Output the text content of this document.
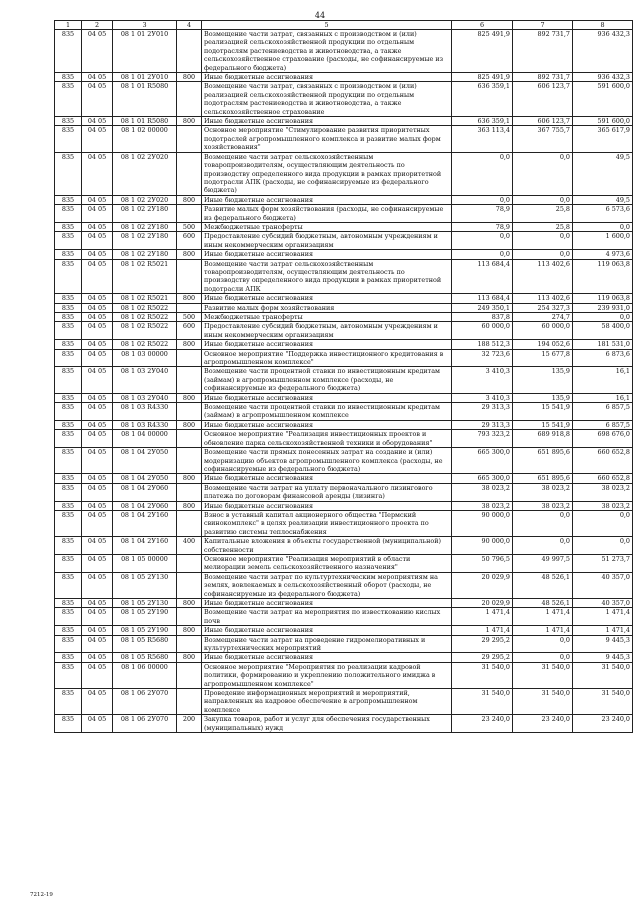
44
1	2	3	4	5	6	7	8
835	04 05	08 1 01 2У010		Возмещение части затрат, связанных с производством и (или) реализацией сельскохозяйственной продукции по отдельным подотраслям растениеводства и животноводства, а также сельскохозяйственное страхование (расходы, не софинансируемые из федерального бюджета)	825 491,9	892 731,7	936 432,3
835	04 05	08 1 01 2У010	800	Иные бюджетные ассигнования	825 491,9	892 731,7	936 432,3
835	04 05	08 1 01 R5080		Возмещение части затрат, связанных с производством и (или) реализацией сельскохозяйственной продукции по отдельным подотраслям растениеводства и животноводства, а также сельскохозяйственное страхование	636 359,1	606 123,7	591 600,0
835	04 05	08 1 01 R5080	800	Иные бюджетные ассигнования	636 359,1	606 123,7	591 600,0
835	04 05	08 1 02 00000		Основное мероприятие "Стимулирование развития приоритетных подотраслей агропромышленного комплекса и развитие малых форм хозяйствования"	363 113,4	367 755,7	365 617,9
835	04 05	08 1 02 2У020		Возмещение части затрат сельскохозяйственным товаропроизводителям, осуществляющим деятельность по производству определенного вида продукции в рамках приоритетной подотрасли АПК (расходы, не софинансируемые из федерального бюджета)	0,0	0,0	49,5
835	04 05	08 1 02 2У020	800	Иные бюджетные ассигнования	0,0	0,0	49,5
835	04 05	08 1 02 2У180		Развитие малых форм хозяйствования (расходы, не софинансируемые из федерального бюджета)	78,9	25,8	6 573,6
835	04 05	08 1 02 2У180	500	Межбюджетные трансферты	78,9	25,8	0,0
835	04 05	08 1 02 2У180	600	Предоставление субсидий бюджетным, автономным учреждениям и иным некоммерческим организациям	0,0	0,0	1 600,0
835	04 05	08 1 02 2У180	800	Иные бюджетные ассигнования	0,0	0,0	4 973,6
835	04 05	08 1 02 R5021		Возмещение части затрат сельскохозяйственным товаропроизводителям, осуществляющим деятельность по производству определенного вида продукции в рамках приоритетной подотрасли АПК	113 684,4	113 402,6	119 063,8
835	04 05	08 1 02 R5021	800	Иные бюджетные ассигнования	113 684,4	113 402,6	119 063,8
835	04 05	08 1 02 R5022		Развитие малых форм хозяйствования	249 350,1	254 327,3	239 931,0
835	04 05	08 1 02 R5022	500	Межбюджетные трансферты	837,8	274,7	0,0
835	04 05	08 1 02 R5022	600	Предоставление субсидий бюджетным, автономным учреждениям и иным некоммерческим организациям	60 000,0	60 000,0	58 400,0
835	04 05	08 1 02 R5022	800	Иные бюджетные ассигнования	188 512,3	194 052,6	181 531,0
835	04 05	08 1 03 00000		Основное мероприятие "Поддержка инвестиционного кредитования в агропромышленном комплексе"	32 723,6	15 677,8	6 873,6
835	04 05	08 1 03 2У040		Возмещение части процентной ставки по инвестиционным кредитам (займам) в агропромышленном комплексе (расходы, не софинансируемые из федерального бюджета)	3 410,3	135,9	16,1
835	04 05	08 1 03 2У040	800	Иные бюджетные ассигнования	3 410,3	135,9	16,1
835	04 05	08 1 03 R4330		Возмещение части процентной ставки по инвестиционным кредитам (займам) в агропромышленном комплексе	29 313,3	15 541,9	6 857,5
835	04 05	08 1 03 R4330	800	Иные бюджетные ассигнования	29 313,3	15 541,9	6 857,5
835	04 05	08 1 04 00000		Основное мероприятие "Реализация инвестиционных проектов и обновление парка сельскохозяйственной техники и оборудования"	793 323,2	689 918,8	698 676,0
835	04 05	08 1 04 2У050		Возмещение части прямых понесенных затрат на создание и (или) модернизацию объектов агропромышленного комплекса (расходы, не софинансируемые из федерального бюджета)	665 300,0	651 895,6	660 652,8
835	04 05	08 1 04 2У050	800	Иные бюджетные ассигнования	665 300,0	651 895,6	660 652,8
835	04 05	08 1 04 2У060		Возмещение части затрат на уплату первоначального лизингового платежа по договорам финансовой аренды (лизинга)	38 023,2	38 023,2	38 023,2
835	04 05	08 1 04 2У060	800	Иные бюджетные ассигнования	38 023,2	38 023,2	38 023,2
835	04 05	08 1 04 2У160		Взнос в уставный капитал акционерного общества "Пермский свинокомплекс" в целях реализации инвестиционного проекта по развитию системы теплоснабжения	90 000,0	0,0	0,0
835	04 05	08 1 04 2У160	400	Капитальные вложения в объекты государственной (муниципальной) собственности	90 000,0	0,0	0,0
835	04 05	08 1 05 00000		Основное мероприятие "Реализация мероприятий в области мелиорации земель сельскохозяйственного назначения"	50 796,5	49 997,5	51 273,7
835	04 05	08 1 05 2У130		Возмещение части затрат по культуртехническим мероприятиям на землях, вовлекаемых в сельскохозяйственный оборот (расходы, не софинансируемые из федерального бюджета)	20 029,9	48 526,1	40 357,0
835	04 05	08 1 05 2У130	800	Иные бюджетные ассигнования	20 029,9	48 526,1	40 357,0
835	04 05	08 1 05 2У190		Возмещение части затрат на мероприятия по известкованию кислых почв	1 471,4	1 471,4	1 471,4
835	04 05	08 1 05 2У190	800	Иные бюджетные ассигнования	1 471,4	1 471,4	1 471,4
835	04 05	08 1 05 R5680		Возмещение части затрат на проведение гидромелиоративных и культуртехнических мероприятий	29 295,2	0,0	9 445,3
835	04 05	08 1 05 R5680	800	Иные бюджетные ассигнования	29 295,2	0,0	9 445,3
835	04 05	08 1 06 00000		Основное мероприятие "Мероприятия по реализации кадровой политики, формированию и укреплению положительного имиджа в агропромышленном комплексе"	31 540,0	31 540,0	31 540,0
835	04 05	08 1 06 2У070		Проведение информационных мероприятий и мероприятий, направленных на кадровое обеспечение в агропромышленном комплексе	31 540,0	31 540,0	31 540,0
835	04 05	08 1 06 2У070	200	Закупка товаров, работ и услуг для обеспечения государственных (муниципальных) нужд	23 240,0	23 240,0	23 240,0
7212-19
